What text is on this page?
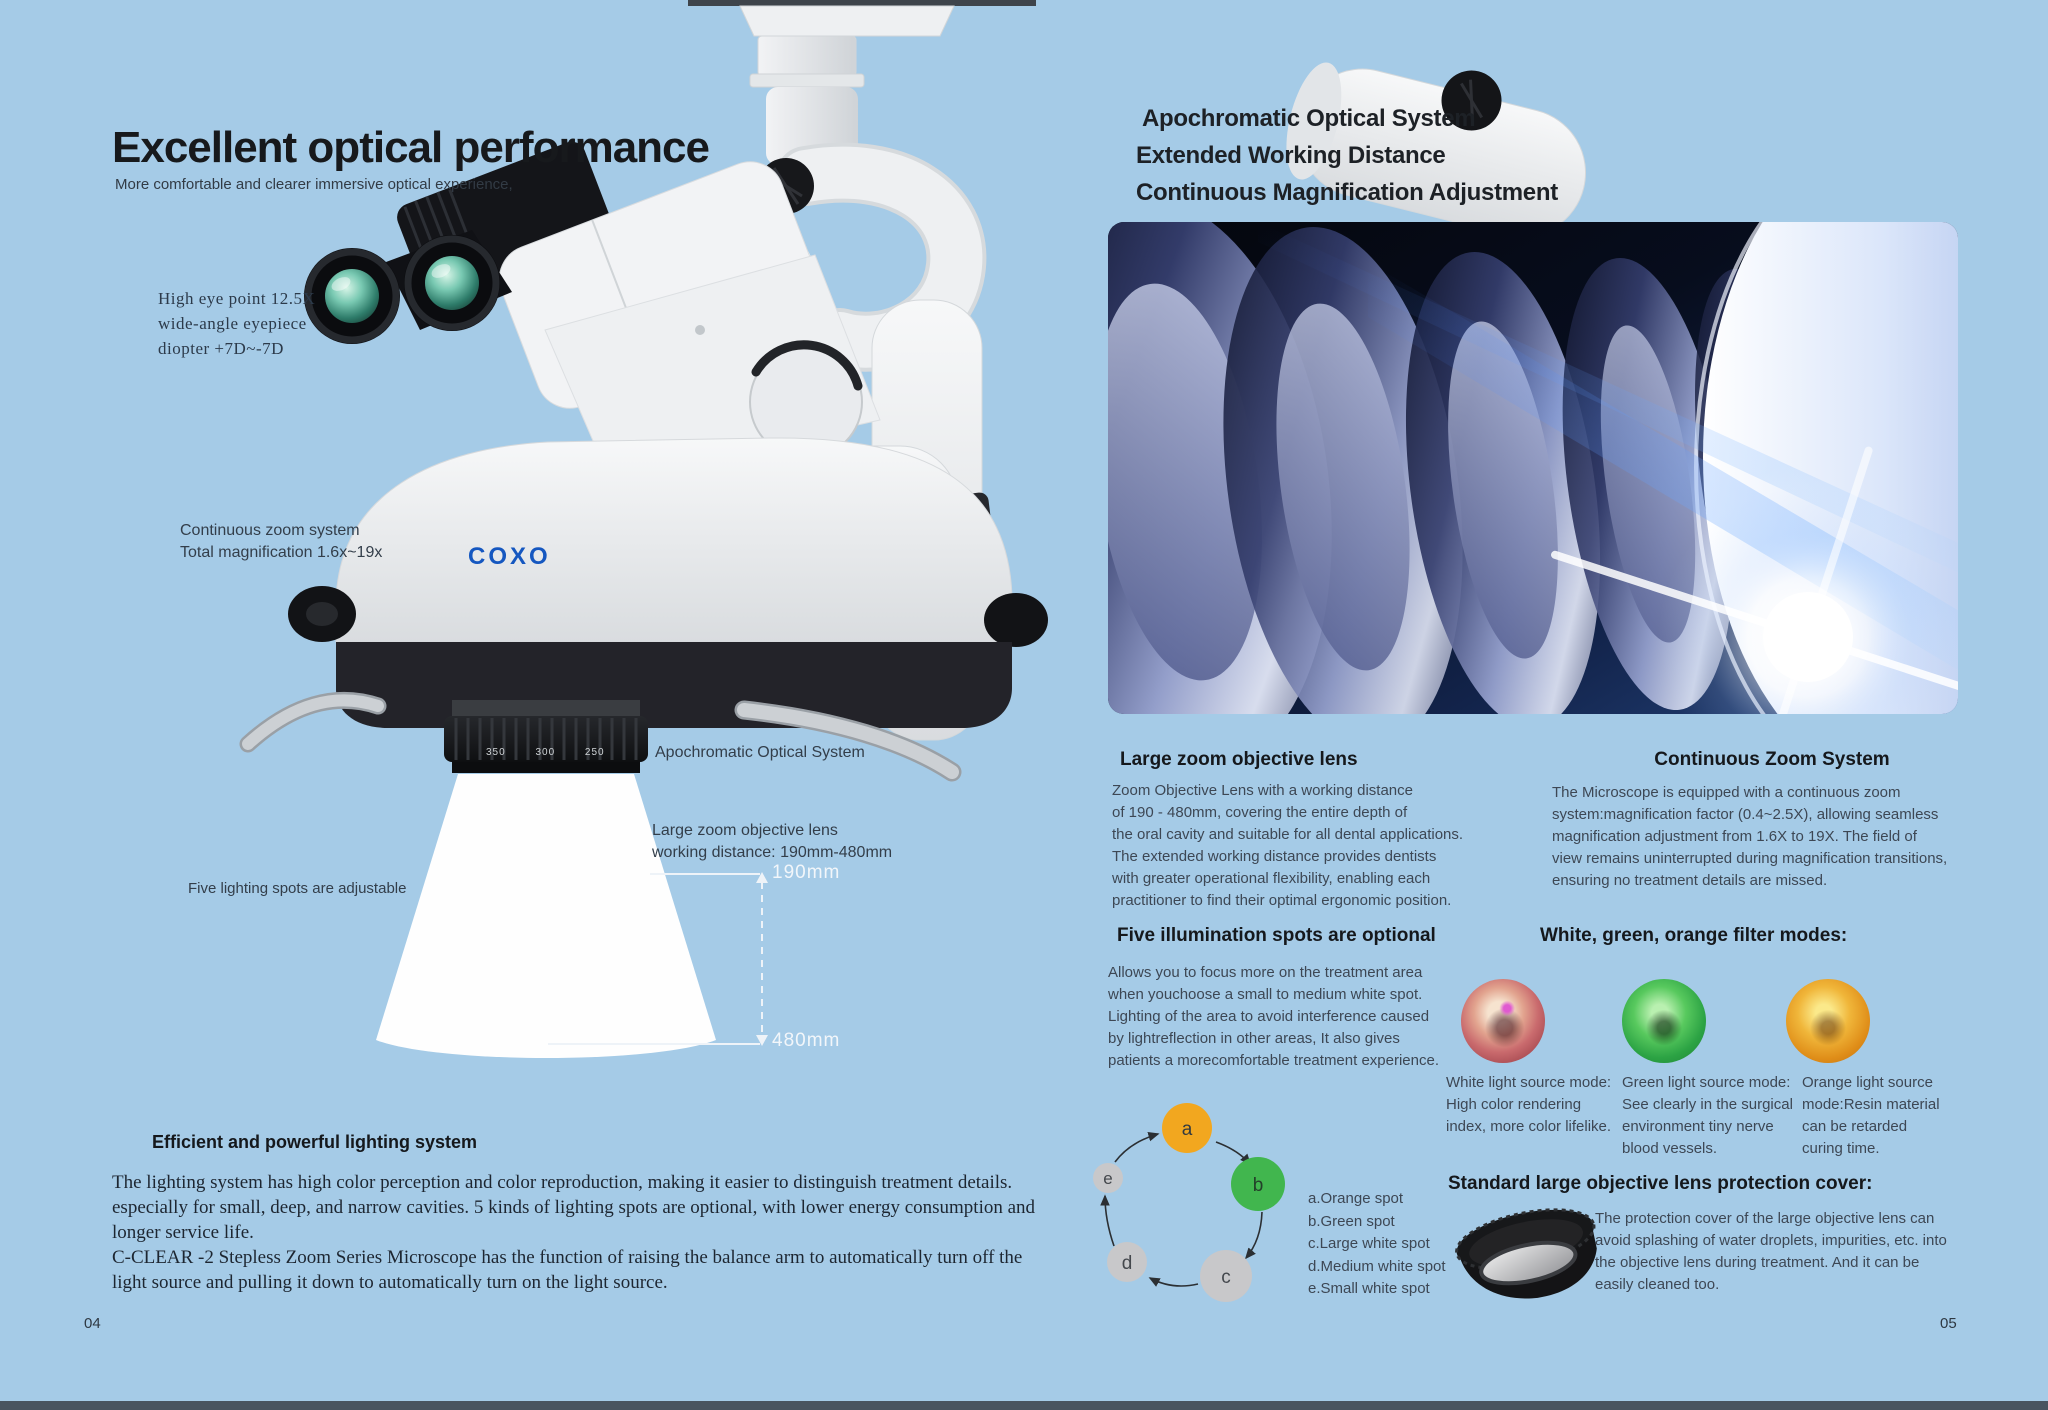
Excellent optical performance
More comfortable and clearer immersive optical experience,
High eye point 12.5X
wide-angle eyepiece
diopter +7D~-7D
Continuous zoom system
Total magnification 1.6x~19x
Apochromatic Optical System
Large zoom objective lens
working distance: 190mm-480mm
Five lighting spots are adjustable
190mm
480mm
COXO
350 300 250
Efficient and powerful lighting system
The lighting system has high color perception and color reproduction, making it easier to distinguish treatment details.
especially for small, deep, and narrow cavities. 5 kinds of lighting spots are optional, with lower energy consumption and
longer service life.
C-CLEAR -2 Stepless Zoom Series Microscope has the function of raising the balance arm to automatically turn off the
light source and pulling it down to automatically turn on the light source.
04
Apochromatic Optical System
Extended Working Distance
Continuous Magnification Adjustment
Large zoom objective lens
Zoom Objective Lens with a working distance
of 190 - 480mm, covering the entire depth of
the oral cavity and suitable for all dental applications.
The extended working distance provides dentists
with greater operational flexibility, enabling each
practitioner to find their optimal ergonomic position.
Continuous Zoom System
The Microscope is equipped with a continuous zoom
system:magnification factor (0.4~2.5X), allowing seamless
magnification adjustment from 1.6X to 19X. The field of
view remains uninterrupted during magnification transitions,
ensuring no treatment details are missed.
Five illumination spots are optional
Allows you to focus more on the treatment area
when youchoose a small to medium white spot.
Lighting of the area to avoid interference caused
by lightreflection in other areas, It also gives
patients a morecomfortable treatment experience.
White, green, orange filter modes:
White light source mode:
High color rendering
index, more color lifelike.
Green light source mode:
See clearly in the surgical
environment tiny nerve
blood vessels.
Orange light source
mode:Resin material
can be retarded
curing time.
a
b
c
d
e
a.Orange spot
b.Green spot
c.Large white spot
d.Medium white spot
e.Small white spot
Standard large objective lens protection cover:
The protection cover of the large objective lens can
avoid splashing of water droplets, impurities, etc. into
the objective lens during treatment. And it can be
easily cleaned too.
05
